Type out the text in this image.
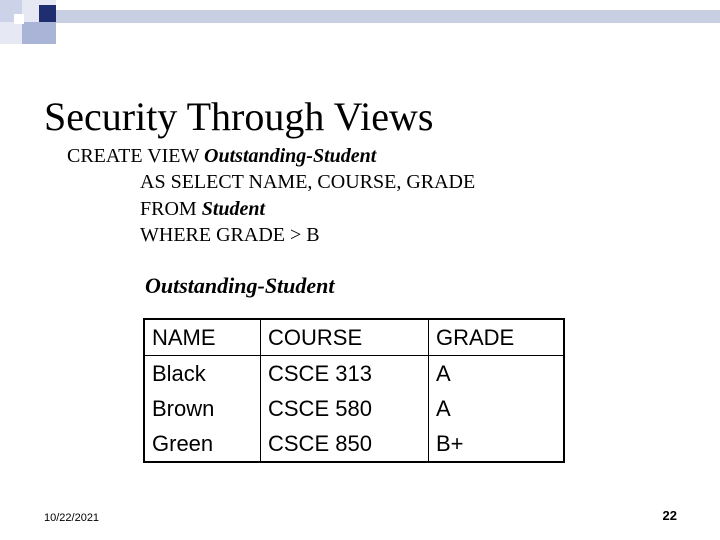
Security Through Views
CREATE VIEW Outstanding-Student
AS SELECT NAME, COURSE, GRADE
FROM Student
WHERE GRADE > B
Outstanding-Student
NAME	COURSE	GRADE
Black	CSCE 313	A
Brown	CSCE 580	A
Green	CSCE 850	B+
10/22/2021	22
